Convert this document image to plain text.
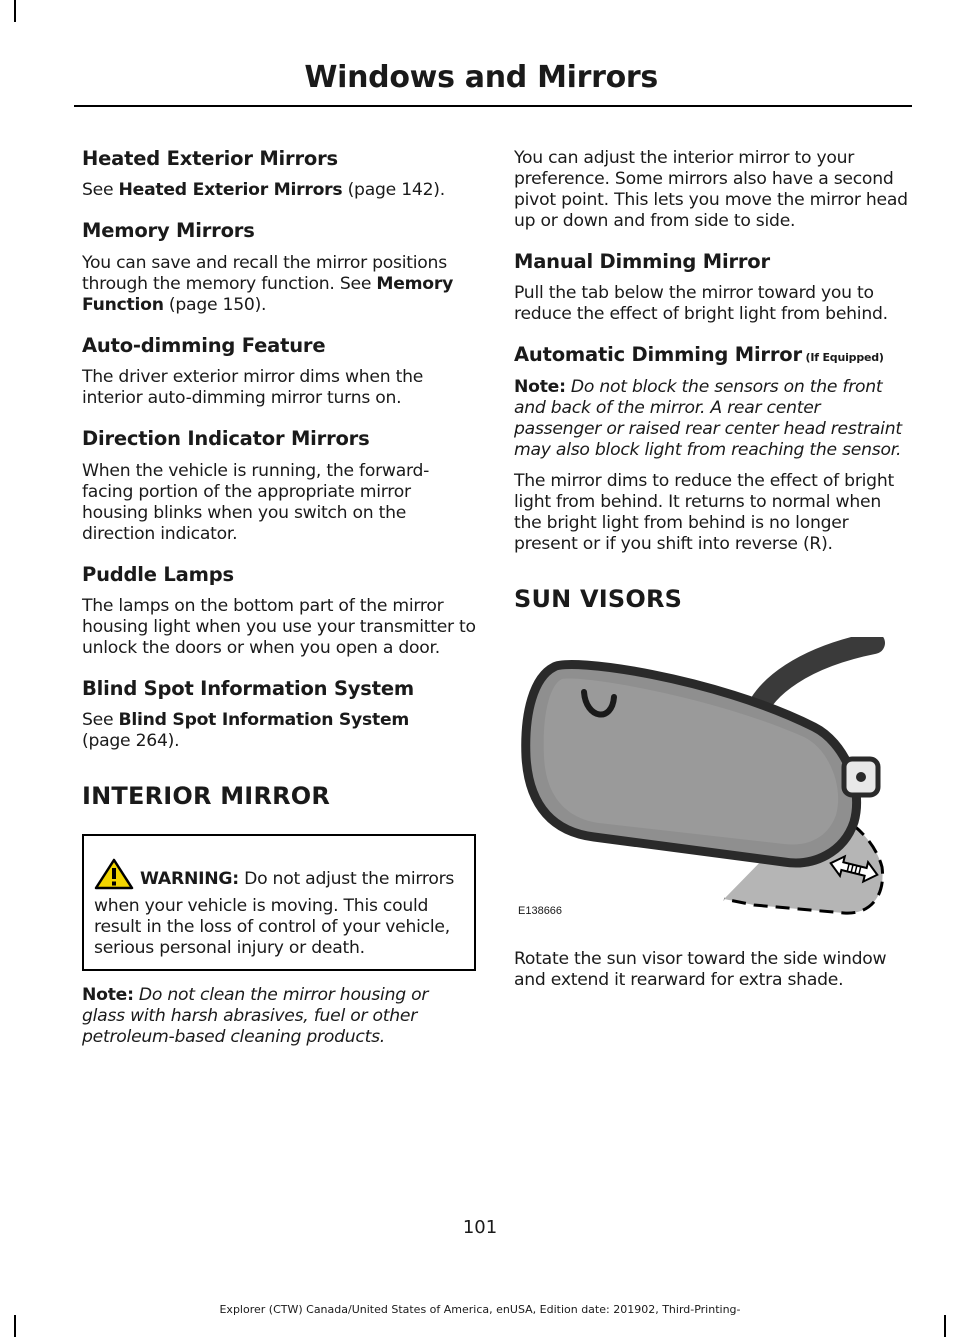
Windows and Mirrors
Heated Exterior Mirrors

See Heated Exterior Mirrors (page 142).

Memory Mirrors

You can save and recall the mirror positions through the memory function. See Memory Function (page 150).

Auto-dimming Feature

The driver exterior mirror dims when the interior auto-dimming mirror turns on.

Direction Indicator Mirrors

When the vehicle is running, the forward-facing portion of the appropriate mirror housing blinks when you switch on the direction indicator.

Puddle Lamps

The lamps on the bottom part of the mirror housing light when you use your transmitter to unlock the doors or when you open a door.

Blind Spot Information System

See Blind Spot Information System
(page 264).

INTERIOR MIRROR

WARNING: Do not adjust the mirrors when your vehicle is moving. This could result in the loss of control of your vehicle, serious personal injury or death.

Note: Do not clean the mirror housing or glass with harsh abrasives, fuel or other petroleum-based cleaning products.

You can adjust the interior mirror to your preference. Some mirrors also have a second pivot point. This lets you move the mirror head up or down and from side to side.

Manual Dimming Mirror

Pull the tab below the mirror toward you to reduce the effect of bright light from behind.

Automatic Dimming Mirror (If Equipped)

Note: Do not block the sensors on the front and back of the mirror. A rear center passenger or raised rear center head restraint may also block light from reaching the sensor.

The mirror dims to reduce the effect of bright light from behind. It returns to normal when the bright light from behind is no longer present or if you shift into reverse (R).

SUN VISORS
E138666

Rotate the sun visor toward the side window and extend it rearward for extra shade.

101
Explorer (CTW) Canada/United States of America, enUSA, Edition date: 201902, Third-Printing-
